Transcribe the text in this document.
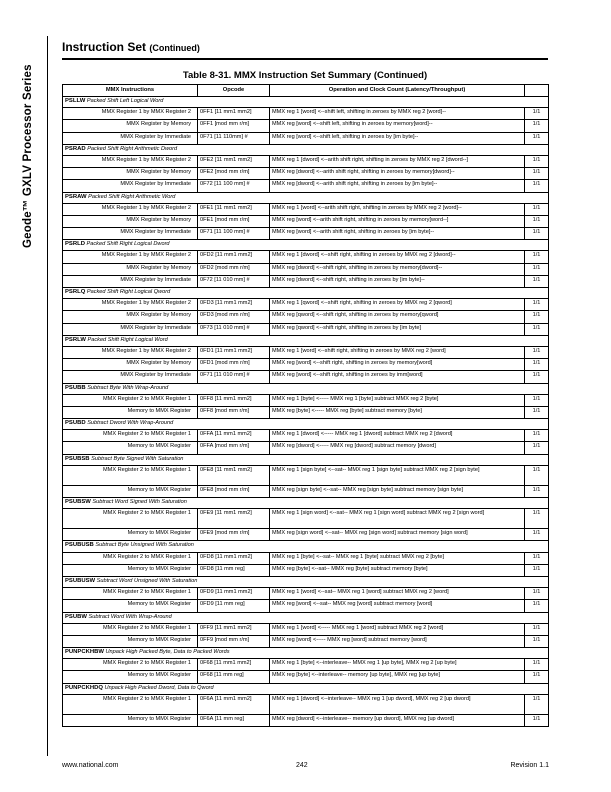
Geode™ GXLV Processor Series
Instruction Set (Continued)
Table 8-31. MMX Instruction Set Summary (Continued)
MMX Instructions	Opcode	Operation and Clock Count (Latency/Throughput)	
PSLLW Packed Shift Left Logical Word			
MMX Register 1 by MMX Register 2	0FF1 [11 mm1 mm2]	MMX reg 1 [word] <--shift left, shifting in zeroes by MMX reg 2 [word]--	1/1
MMX Register by Memory	0FF1 [mod mm r/m]	MMX reg [word] <--shift left, shifting in zeroes by memory[word]--	1/1
MMX Register by Immediate	0F71 [11 110mm] #	MMX reg [word] <--shift left, shifting in zeroes by [im byte]--	1/1
PSRAD Packed Shift Right Arithmetic Dword			
MMX Register 1 by MMX Register 2	0FE2 [11 mm1 mm2]	MMX reg 1 [dword] <--arith shift right, shifting in zeroes by MMX reg 2 [dword--]	1/1
MMX Register by Memory	0FE2 [mod mm r/m]	MMX reg [dword] <--arith shift right, shifting in zeroes by memory[dword]--	1/1
MMX Register by Immediate	0F72 [11 100 mm] #	MMX reg [dword] <--arith shift right, shifting in zeroes by [im byte]--	1/1
PSRAW Packed Shift Right Arithmetic Word			
MMX Register 1 by MMX Register 2	0FE1 [11 mm1 mm2]	MMX reg 1 [word] <--arith shift right, shifting in zeroes by MMX reg 2 [word]--	1/1
MMX Register by Memory	0FE1 [mod mm r/m]	MMX reg [word] <--arith shift right, shifting in zeroes by memory[word--]	1/1
MMX Register by Immediate	0F71 [11 100 mm] #	MMX reg [word] <--arith shift right, shifting in zeroes by [im byte]--	1/1
PSRLD Packed Shift Right Logical Dword			
MMX Register 1 by MMX Register 2	0FD2 [11 mm1 mm2]	MMX reg 1 [dword] <--shift right, shifting in zeroes by MMX reg 2 [dword]--	1/1
MMX Register by Memory	0FD2 [mod mm r/m]	MMX reg [dword] <--shift right, shifting in zeroes by memory[dword]--	1/1
MMX Register by Immediate	0F72 [11 010 mm] #	MMX reg [dword] <--shift right, shifting in zeroes by [im byte]--	1/1
PSRLQ Packed Shift Right Logical Qword			
MMX Register 1 by MMX Register 2	0FD3 [11 mm1 mm2]	MMX reg 1 [qword] <--shift right, shifting in zeroes by MMX reg 2 [qword]	1/1
MMX Register by Memory	0FD3 [mod mm r/m]	MMX reg [qword] <--shift right, shifting in zeroes by memory[qword]	1/1
MMX Register by Immediate	0F73 [11 010 mm] #	MMX reg [qword] <--shift right, shifting in zeroes by [im byte]	1/1
PSRLW Packed Shift Right Logical Word			
MMX Register 1 by MMX Register 2	0FD1 [11 mm1 mm2]	MMX reg 1 [word] <--shift right, shifting in zeroes by MMX reg 2 [word]	1/1
MMX Register by Memory	0FD1 [mod mm r/m]	MMX reg [word] <--shift right, shifting in zeroes by memory[word]	1/1
MMX Register by Immediate	0F71 [11 010 mm] #	MMX reg [word] <--shift right, shifting in zeroes by imm[word]	1/1
PSUBB Subtract Byte With Wrap-Around			
MMX Register 2 to MMX Register 1	0FF8 [11 mm1 mm2]	MMX reg 1 [byte] <----- MMX reg 1 [byte] subtract MMX reg 2 [byte]	1/1
Memory to MMX Register	0FF8 [mod mm r/m]	MMX reg [byte] <----- MMX reg [byte] subtract memory [byte]	1/1
PSUBD Subtract Dword With Wrap-Around			
MMX Register 2 to MMX Register 1	0FFA [11 mm1 mm2]	MMX reg 1 [dword] <----- MMX reg 1 [dword] subtract MMX reg 2 [dword]	1/1
Memory to MMX Register	0FFA [mod mm r/m]	MMX reg [dword] <----- MMX reg [dword] subtract memory [dword]	1/1
PSUBSB Subtract Byte Signed With Saturation			
MMX Register 2 to MMX Register 1	0FE8 [11 mm1 mm2]	MMX reg 1 [sign byte] <--sat-- MMX reg 1 [sign byte] subtract MMX reg 2 [sign byte]	1/1
Memory to MMX Register	0FE8 [mod mm r/m]	MMX reg [sign byte] <--sat-- MMX reg [sign byte] subtract memory [sign byte]	1/1
PSUBSW Subtract Word Signed With Saturation			
MMX Register 2 to MMX Register 1	0FE9 [11 mm1 mm2]	MMX reg 1 [sign word] <--sat-- MMX reg 1 [sign word] subtract MMX reg 2 [sign word]	1/1
Memory to MMX Register	0FE9 [mod mm r/m]	MMX reg [sign word] <--sat-- MMX reg [sign word] subtract memory [sign word]	1/1
PSUBUSB Subtract Byte Unsigned With Saturation			
MMX Register 2 to MMX Register 1	0FD8 [11 mm1 mm2]	MMX reg 1 [byte] <--sat-- MMX reg 1 [byte] subtract MMX reg 2 [byte]	1/1
Memory to MMX Register	0FD8 [11 mm reg]	MMX reg [byte] <--sat-- MMX reg [byte] subtract memory [byte]	1/1
PSUBUSW Subtract Word Unsigned With Saturation			
MMX Register 2 to MMX Register 1	0FD9 [11 mm1 mm2]	MMX reg 1 [word] <--sat-- MMX reg 1 [word] subtract MMX reg 2 [word]	1/1
Memory to MMX Register	0FD9 [11 mm reg]	MMX reg [word] <--sat-- MMX reg [word] subtract memory [word]	1/1
PSUBW Subtract Word With Wrap-Around			
MMX Register 2 to MMX Register 1	0FF9 [11 mm1 mm2]	MMX reg 1 [word] <----- MMX reg 1 [word] subtract MMX reg 2 [word]	1/1
Memory to MMX Register	0FF9 [mod mm r/m]	MMX reg [word] <----- MMX reg [word] subtract memory [word]	1/1
PUNPCKHBW Unpack High Packed Byte, Data to Packed Words			
MMX Register 2 to MMX Register 1	0F68 [11 mm1 mm2]	MMX reg 1 [byte] <--interleave-- MMX reg 1 [up byte], MMX reg 2 [up byte]	1/1
Memory to MMX Register	0F68 [11 mm reg]	MMX reg [byte] <--interleave-- memory [up byte], MMX reg [up byte]	1/1
PUNPCKHDQ Unpack High Packed Dword, Data to Qword			
MMX Register 2 to MMX Register 1	0F6A [11 mm1 mm2]	MMX reg 1 [dword] <--interleave-- MMX reg 1 [up dword], MMX reg 2 [up dword]	1/1
Memory to MMX Register	0F6A [11 mm reg]	MMX reg [dword] <--interleave-- memory [up dword], MMX reg [up dword]	1/1
www.national.com	242	Revision 1.1
